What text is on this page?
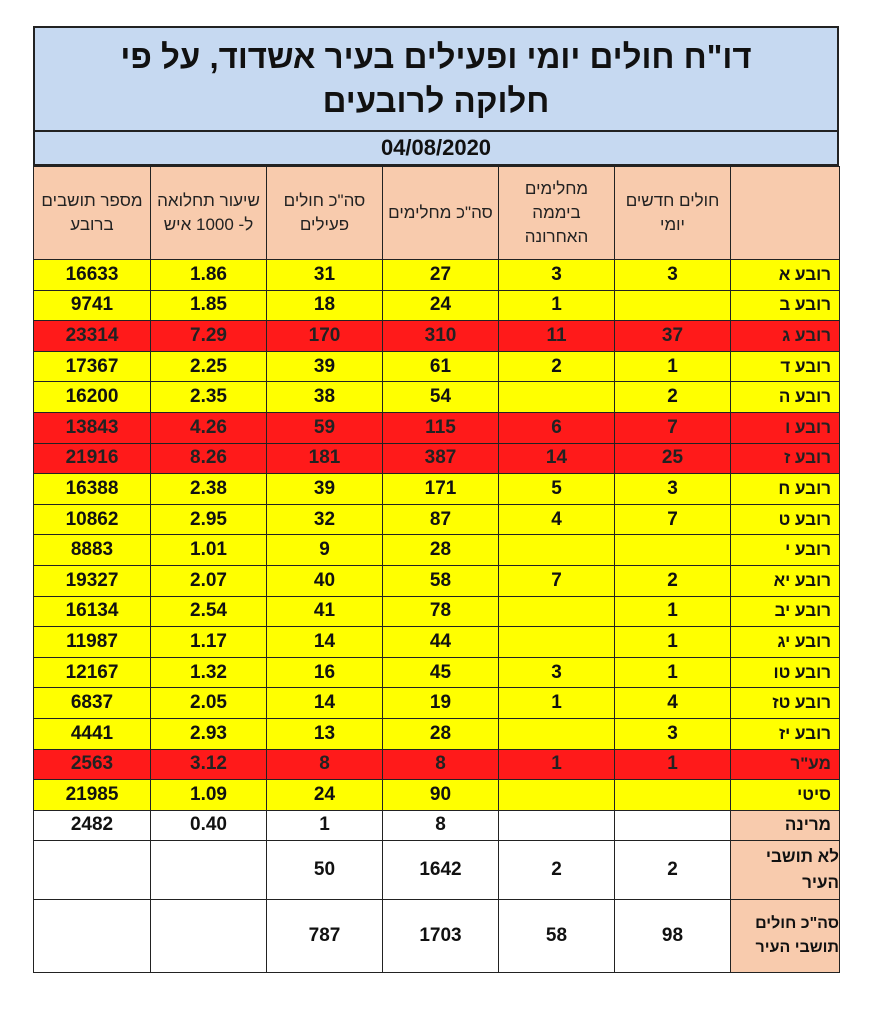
דו"ח חולים יומי ופעילים בעיר אשדוד, על פי חלוקה לרובעים
04/08/2020
מספר תושבים ברובע	שיעור תחלואה ל- 1000 איש	סה"כ חולים פעילים	סה"כ מחלימים	מחלימים ביממה האחרונה	חולים חדשים יומי	
16633	1.86	31	27	3	3	רובע א
9741	1.85	18	24	1		רובע ב
23314	7.29	170	310	11	37	רובע ג
17367	2.25	39	61	2	1	רובע ד
16200	2.35	38	54		2	רובע ה
13843	4.26	59	115	6	7	רובע ו
21916	8.26	181	387	14	25	רובע ז
16388	2.38	39	171	5	3	רובע ח
10862	2.95	32	87	4	7	רובע ט
8883	1.01	9	28			רובע י
19327	2.07	40	58	7	2	רובע יא
16134	2.54	41	78		1	רובע יב
11987	1.17	14	44		1	רובע יג
12167	1.32	16	45	3	1	רובע טו
6837	2.05	14	19	1	4	רובע טז
4441	2.93	13	28		3	רובע יז
2563	3.12	8	8	1	1	מע"ר
21985	1.09	24	90			סיטי
2482	0.40	1	8			מרינה
		50	1642	2	2	לא תושבי העיר
		787	1703	58	98	סה"כ חולים תושבי העיר
